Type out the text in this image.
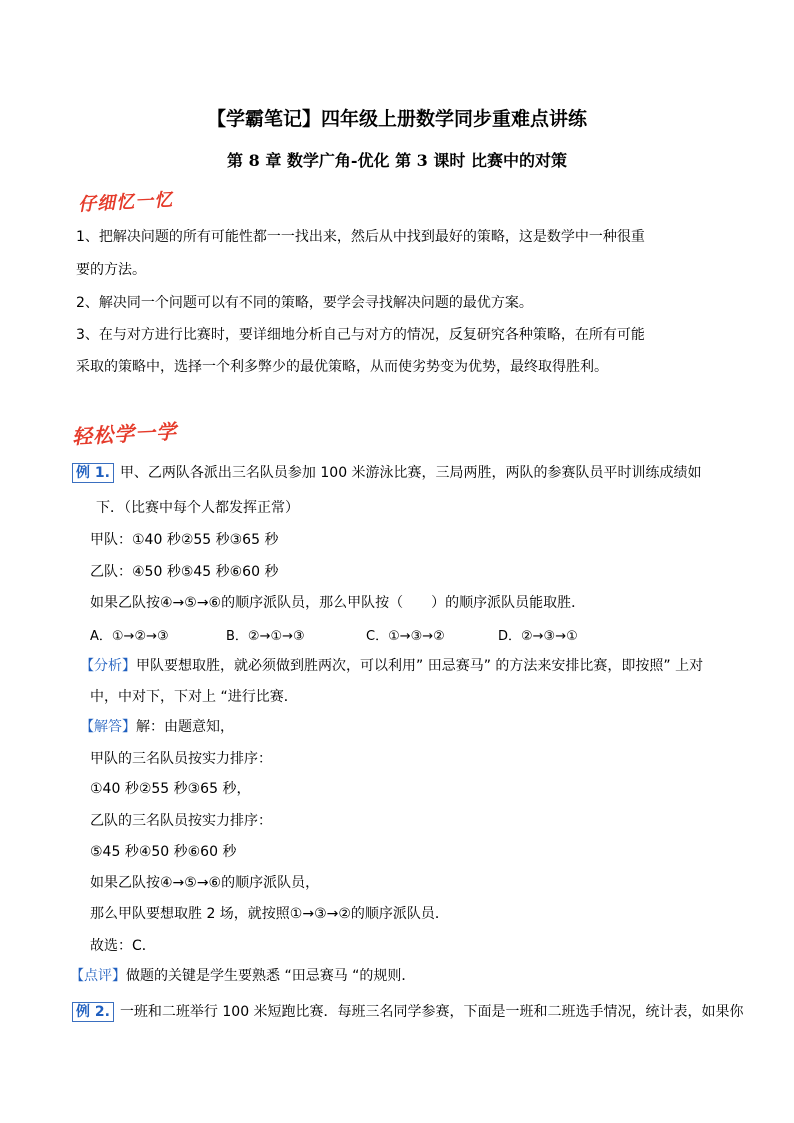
【学霸笔记】四年级上册数学同步重难点讲练
第 8 章 数学广角-优化 第 3 课时 比赛中的对策
仔细忆一忆
1、把解决问题的所有可能性都一一找出来，然后从中找到最好的策略，这是数学中一种很重
要的方法。
2、解决同一个问题可以有不同的策略，要学会寻找解决问题的最优方案。
3、在与对方进行比赛时，要详细地分析自己与对方的情况，反复研究各种策略，在所有可能
采取的策略中，选择一个利多弊少的最优策略，从而使劣势变为优势，最终取得胜利。
轻松学一学
例 1. 甲、乙两队各派出三名队员参加 100 米游泳比赛，三局两胜，两队的参赛队员平时训练成绩如
下．（比赛中每个人都发挥正常）
甲队：①40 秒②55 秒③65 秒
乙队：④50 秒⑤45 秒⑥60 秒
如果乙队按④→⑤→⑥的顺序派队员，那么甲队按（　　）的顺序派队员能取胜．
A．①→②→③	B．②→①→③	C．①→③→②	D．②→③→①
【分析】甲队要想取胜，就必须做到胜两次，可以利用” 田忌赛马” 的方法来安排比赛，即按照” 上对
中，中对下，下对上 “进行比赛．
【解答】解：由题意知，
甲队的三名队员按实力排序：
①40 秒②55 秒③65 秒，
乙队的三名队员按实力排序：
⑤45 秒④50 秒⑥60 秒
如果乙队按④→⑤→⑥的顺序派队员，
那么甲队要想取胜 2 场，就按照①→③→②的顺序派队员．
故选：C．
【点评】做题的关键是学生要熟悉 “田忌赛马 “的规则．
例 2. 一班和二班举行 100 米短跑比赛．每班三名同学参赛，下面是一班和二班选手情况，统计表，如果你
